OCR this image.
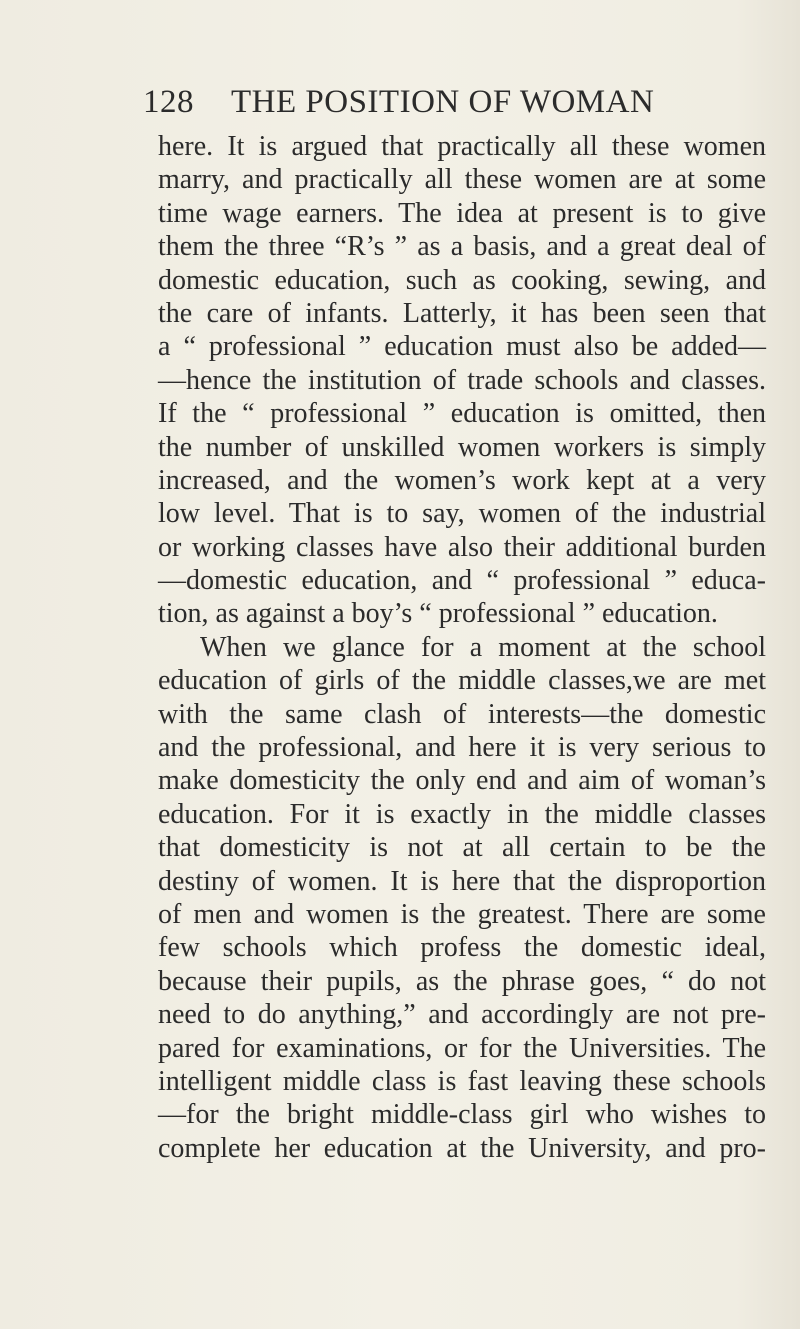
128 THE POSITION OF WOMAN
here. It is argued that practically all these women
marry, and practically all these women are at some
time wage earners. The idea at present is to give
them the three “R’s ” as a basis, and a great deal of
domestic education, such as cooking, sewing, and
the care of infants. Latterly, it has been seen that
a “ professional ” education must also be added—
—hence the institution of trade schools and classes.
If the “ professional ” education is omitted, then
the number of unskilled women workers is simply
increased, and the women’s work kept at a very
low level. That is to say, women of the industrial
or working classes have also their additional burden
—domestic education, and “ professional ” educa-
tion, as against a boy’s “ professional ” education.
When we glance for a moment at the school
education of girls of the middle classes,we are met
with the same clash of interests—the domestic
and the professional, and here it is very serious to
make domesticity the only end and aim of woman’s
education. For it is exactly in the middle classes
that domesticity is not at all certain to be the
destiny of women. It is here that the disproportion
of men and women is the greatest. There are some
few schools which profess the domestic ideal,
because their pupils, as the phrase goes, “ do not
need to do anything,” and accordingly are not pre-
pared for examinations, or for the Universities. The
intelligent middle class is fast leaving these schools
—for the bright middle-class girl who wishes to
complete her education at the University, and pro-
